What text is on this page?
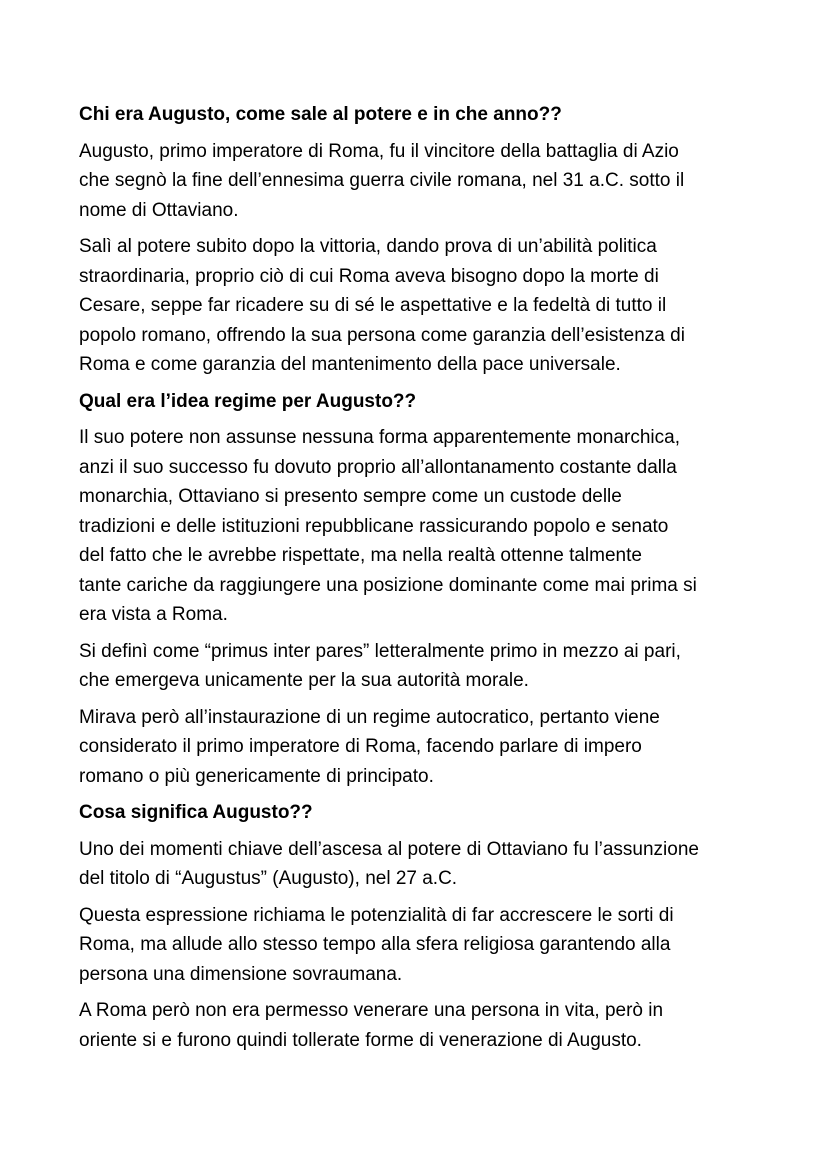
Chi era Augusto, come sale al potere e in che anno??
Augusto, primo imperatore di Roma, fu il vincitore della battaglia di Azio
che segnò la fine dell’ennesima guerra civile romana, nel 31 a.C. sotto il
nome di Ottaviano.
Salì al potere subito dopo la vittoria, dando prova di un’abilità politica
straordinaria, proprio ciò di cui Roma aveva bisogno dopo la morte di
Cesare, seppe far ricadere su di sé le aspettative e la fedeltà di tutto il
popolo romano, offrendo la sua persona come garanzia dell’esistenza di
Roma e come garanzia del mantenimento della pace universale.
Qual era l’idea regime per Augusto??
Il suo potere non assunse nessuna forma apparentemente monarchica,
anzi il suo successo fu dovuto proprio all’allontanamento costante dalla
monarchia, Ottaviano si presento sempre come un custode delle
tradizioni e delle istituzioni repubblicane rassicurando popolo e senato
del fatto che le avrebbe rispettate, ma nella realtà ottenne talmente
tante cariche da raggiungere una posizione dominante come mai prima si
era vista a Roma.
Si definì come “primus inter pares” letteralmente primo in mezzo ai pari,
che emergeva unicamente per la sua autorità morale.
Mirava però all’instaurazione di un regime autocratico, pertanto viene
considerato il primo imperatore di Roma, facendo parlare di impero
romano o più genericamente di principato.
Cosa significa Augusto??
Uno dei momenti chiave dell’ascesa al potere di Ottaviano fu l’assunzione
del titolo di “Augustus” (Augusto), nel 27 a.C.
Questa espressione richiama le potenzialità di far accrescere le sorti di
Roma, ma allude allo stesso tempo alla sfera religiosa garantendo alla
persona una dimensione sovraumana.
A Roma però non era permesso venerare una persona in vita, però in
oriente si e furono quindi tollerate forme di venerazione di Augusto.
